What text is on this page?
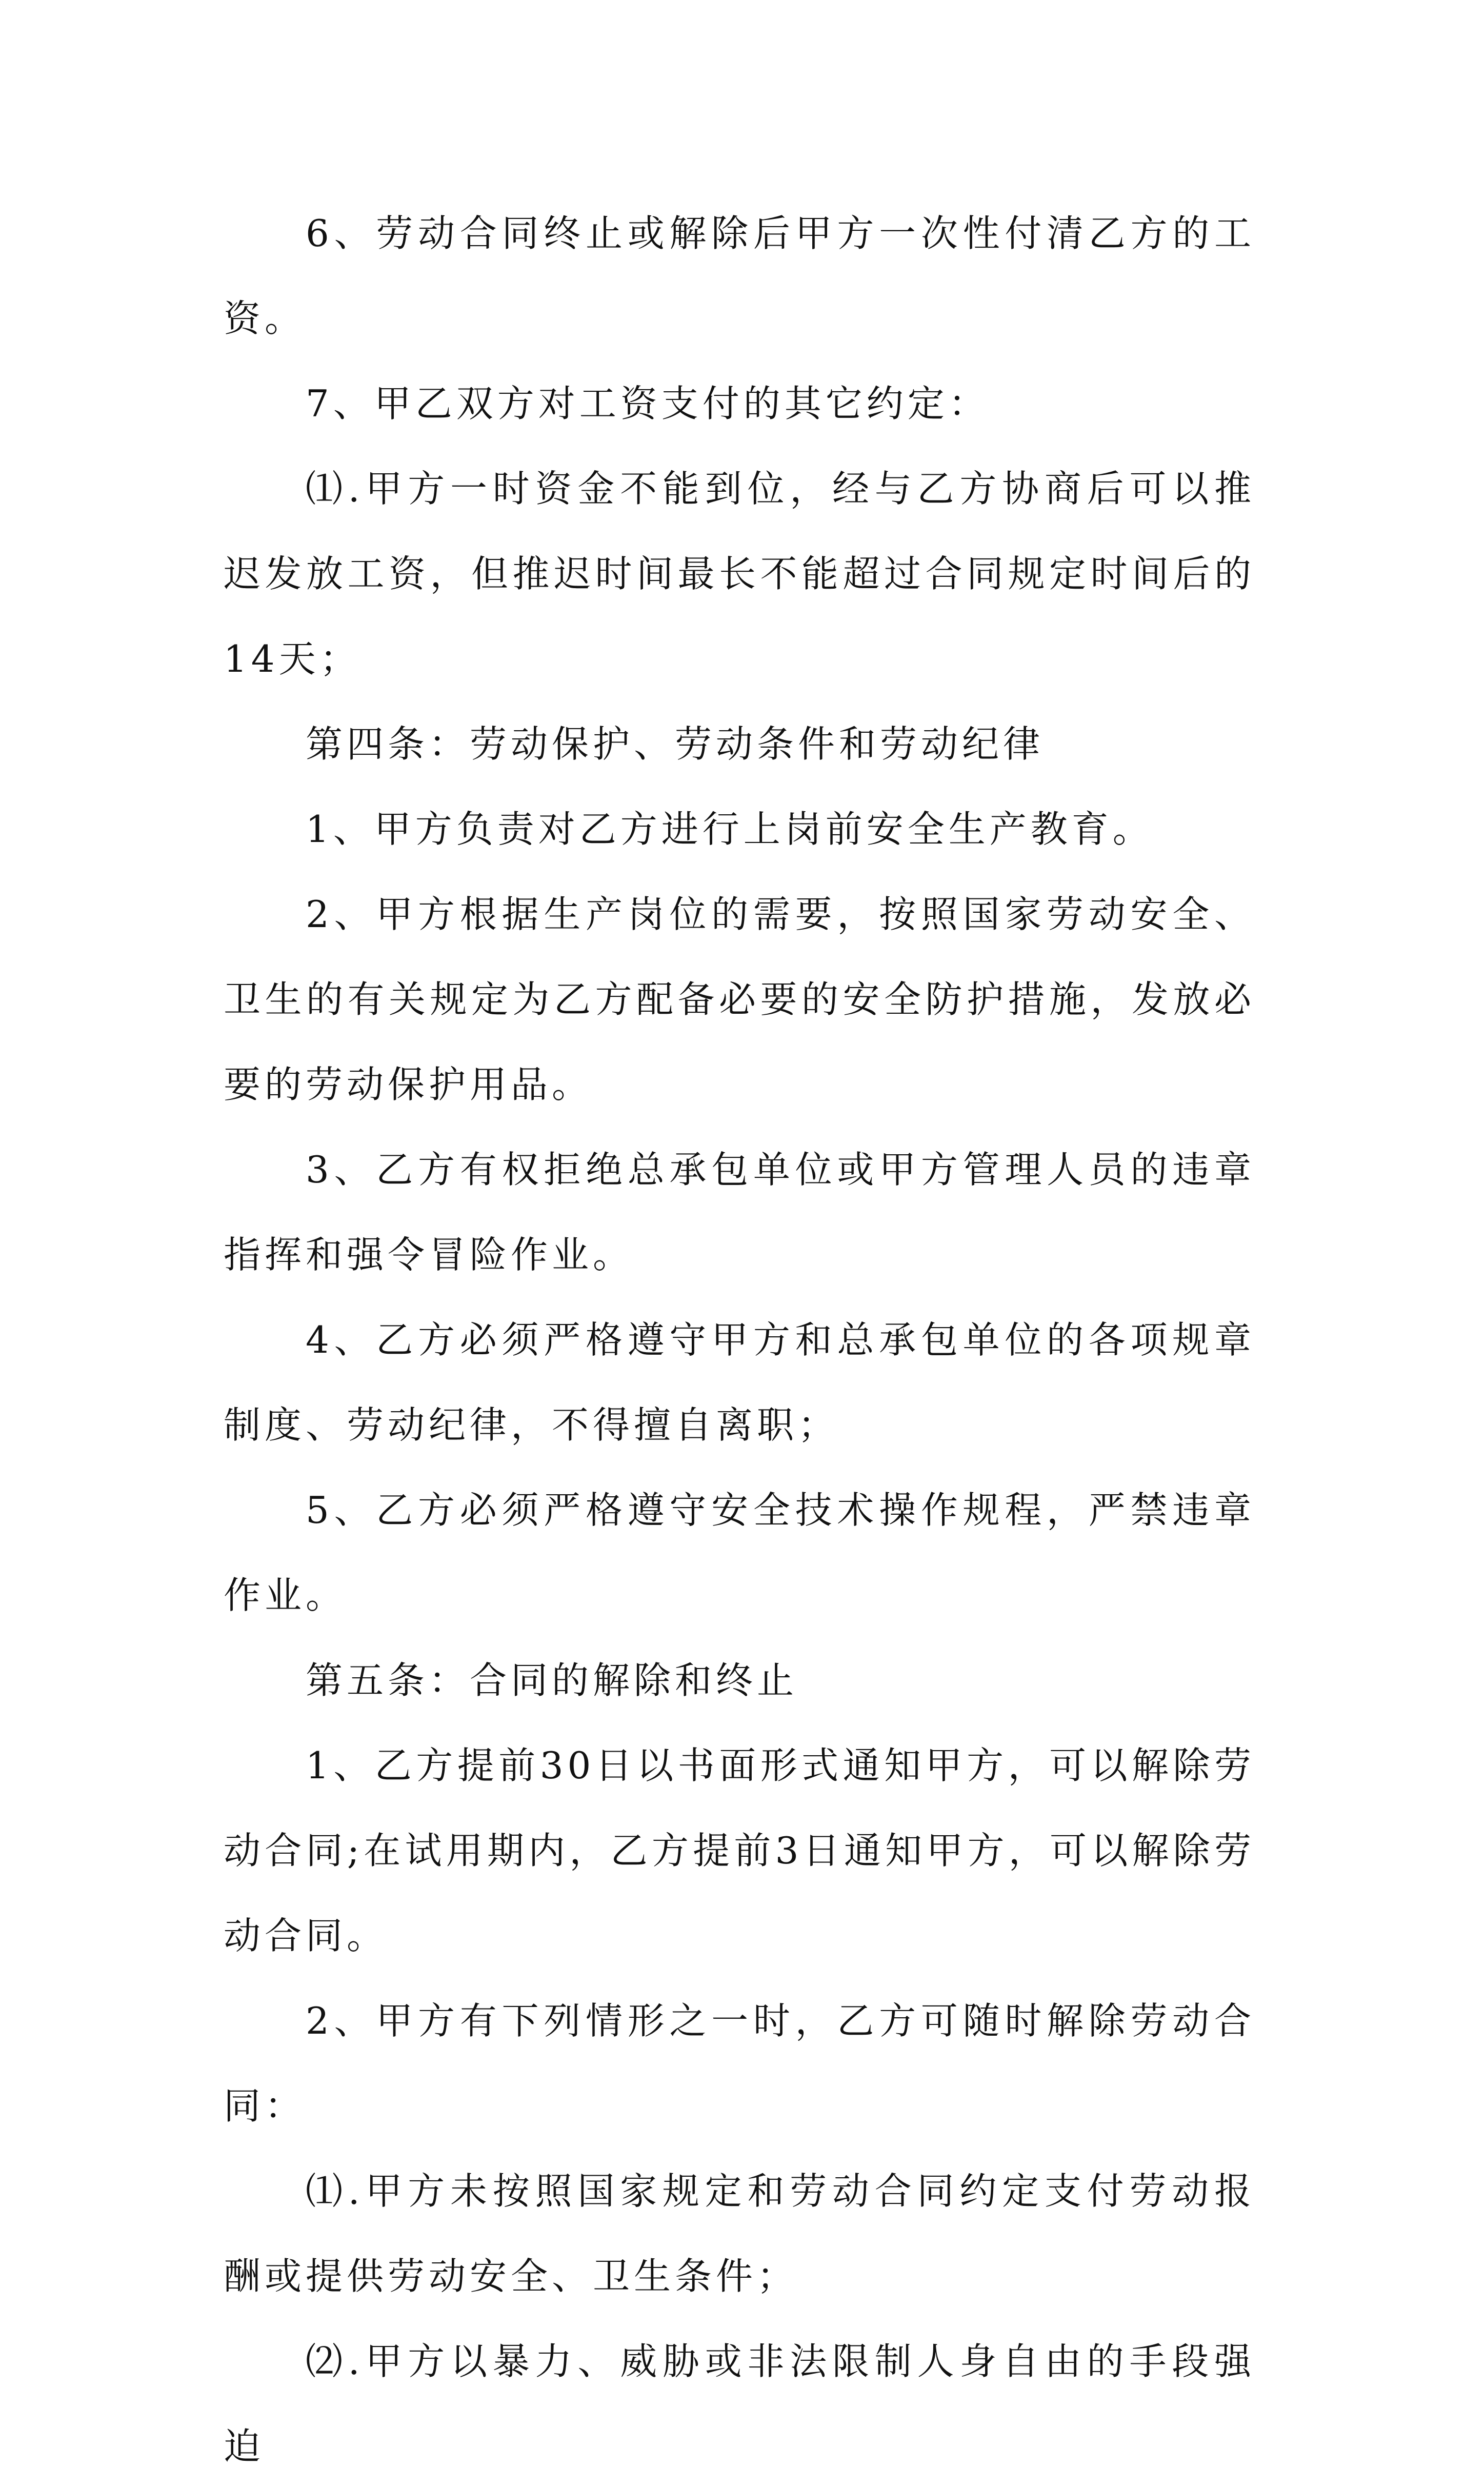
6、劳动合同终止或解除后甲方一次性付清乙方的工资。

7、甲乙双方对工资支付的其它约定：

⑴.甲方一时资金不能到位，经与乙方协商后可以推迟发放工资，但推迟时间最长不能超过合同规定时间后的14天；

第四条：劳动保护、劳动条件和劳动纪律

1、甲方负责对乙方进行上岗前安全生产教育。

2、甲方根据生产岗位的需要，按照国家劳动安全、卫生的有关规定为乙方配备必要的安全防护措施，发放必要的劳动保护用品。

3、乙方有权拒绝总承包单位或甲方管理人员的违章指挥和强令冒险作业。

4、乙方必须严格遵守甲方和总承包单位的各项规章制度、劳动纪律，不得擅自离职；

5、乙方必须严格遵守安全技术操作规程，严禁违章作业。

第五条：合同的解除和终止

1、乙方提前30日以书面形式通知甲方，可以解除劳动合同;在试用期内，乙方提前3日通知甲方，可以解除劳动合同。

2、甲方有下列情形之一时，乙方可随时解除劳动合同：

⑴.甲方未按照国家规定和劳动合同约定支付劳动报酬或提供劳动安全、卫生条件；

⑵.甲方以暴力、威胁或非法限制人身自由的手段强迫
